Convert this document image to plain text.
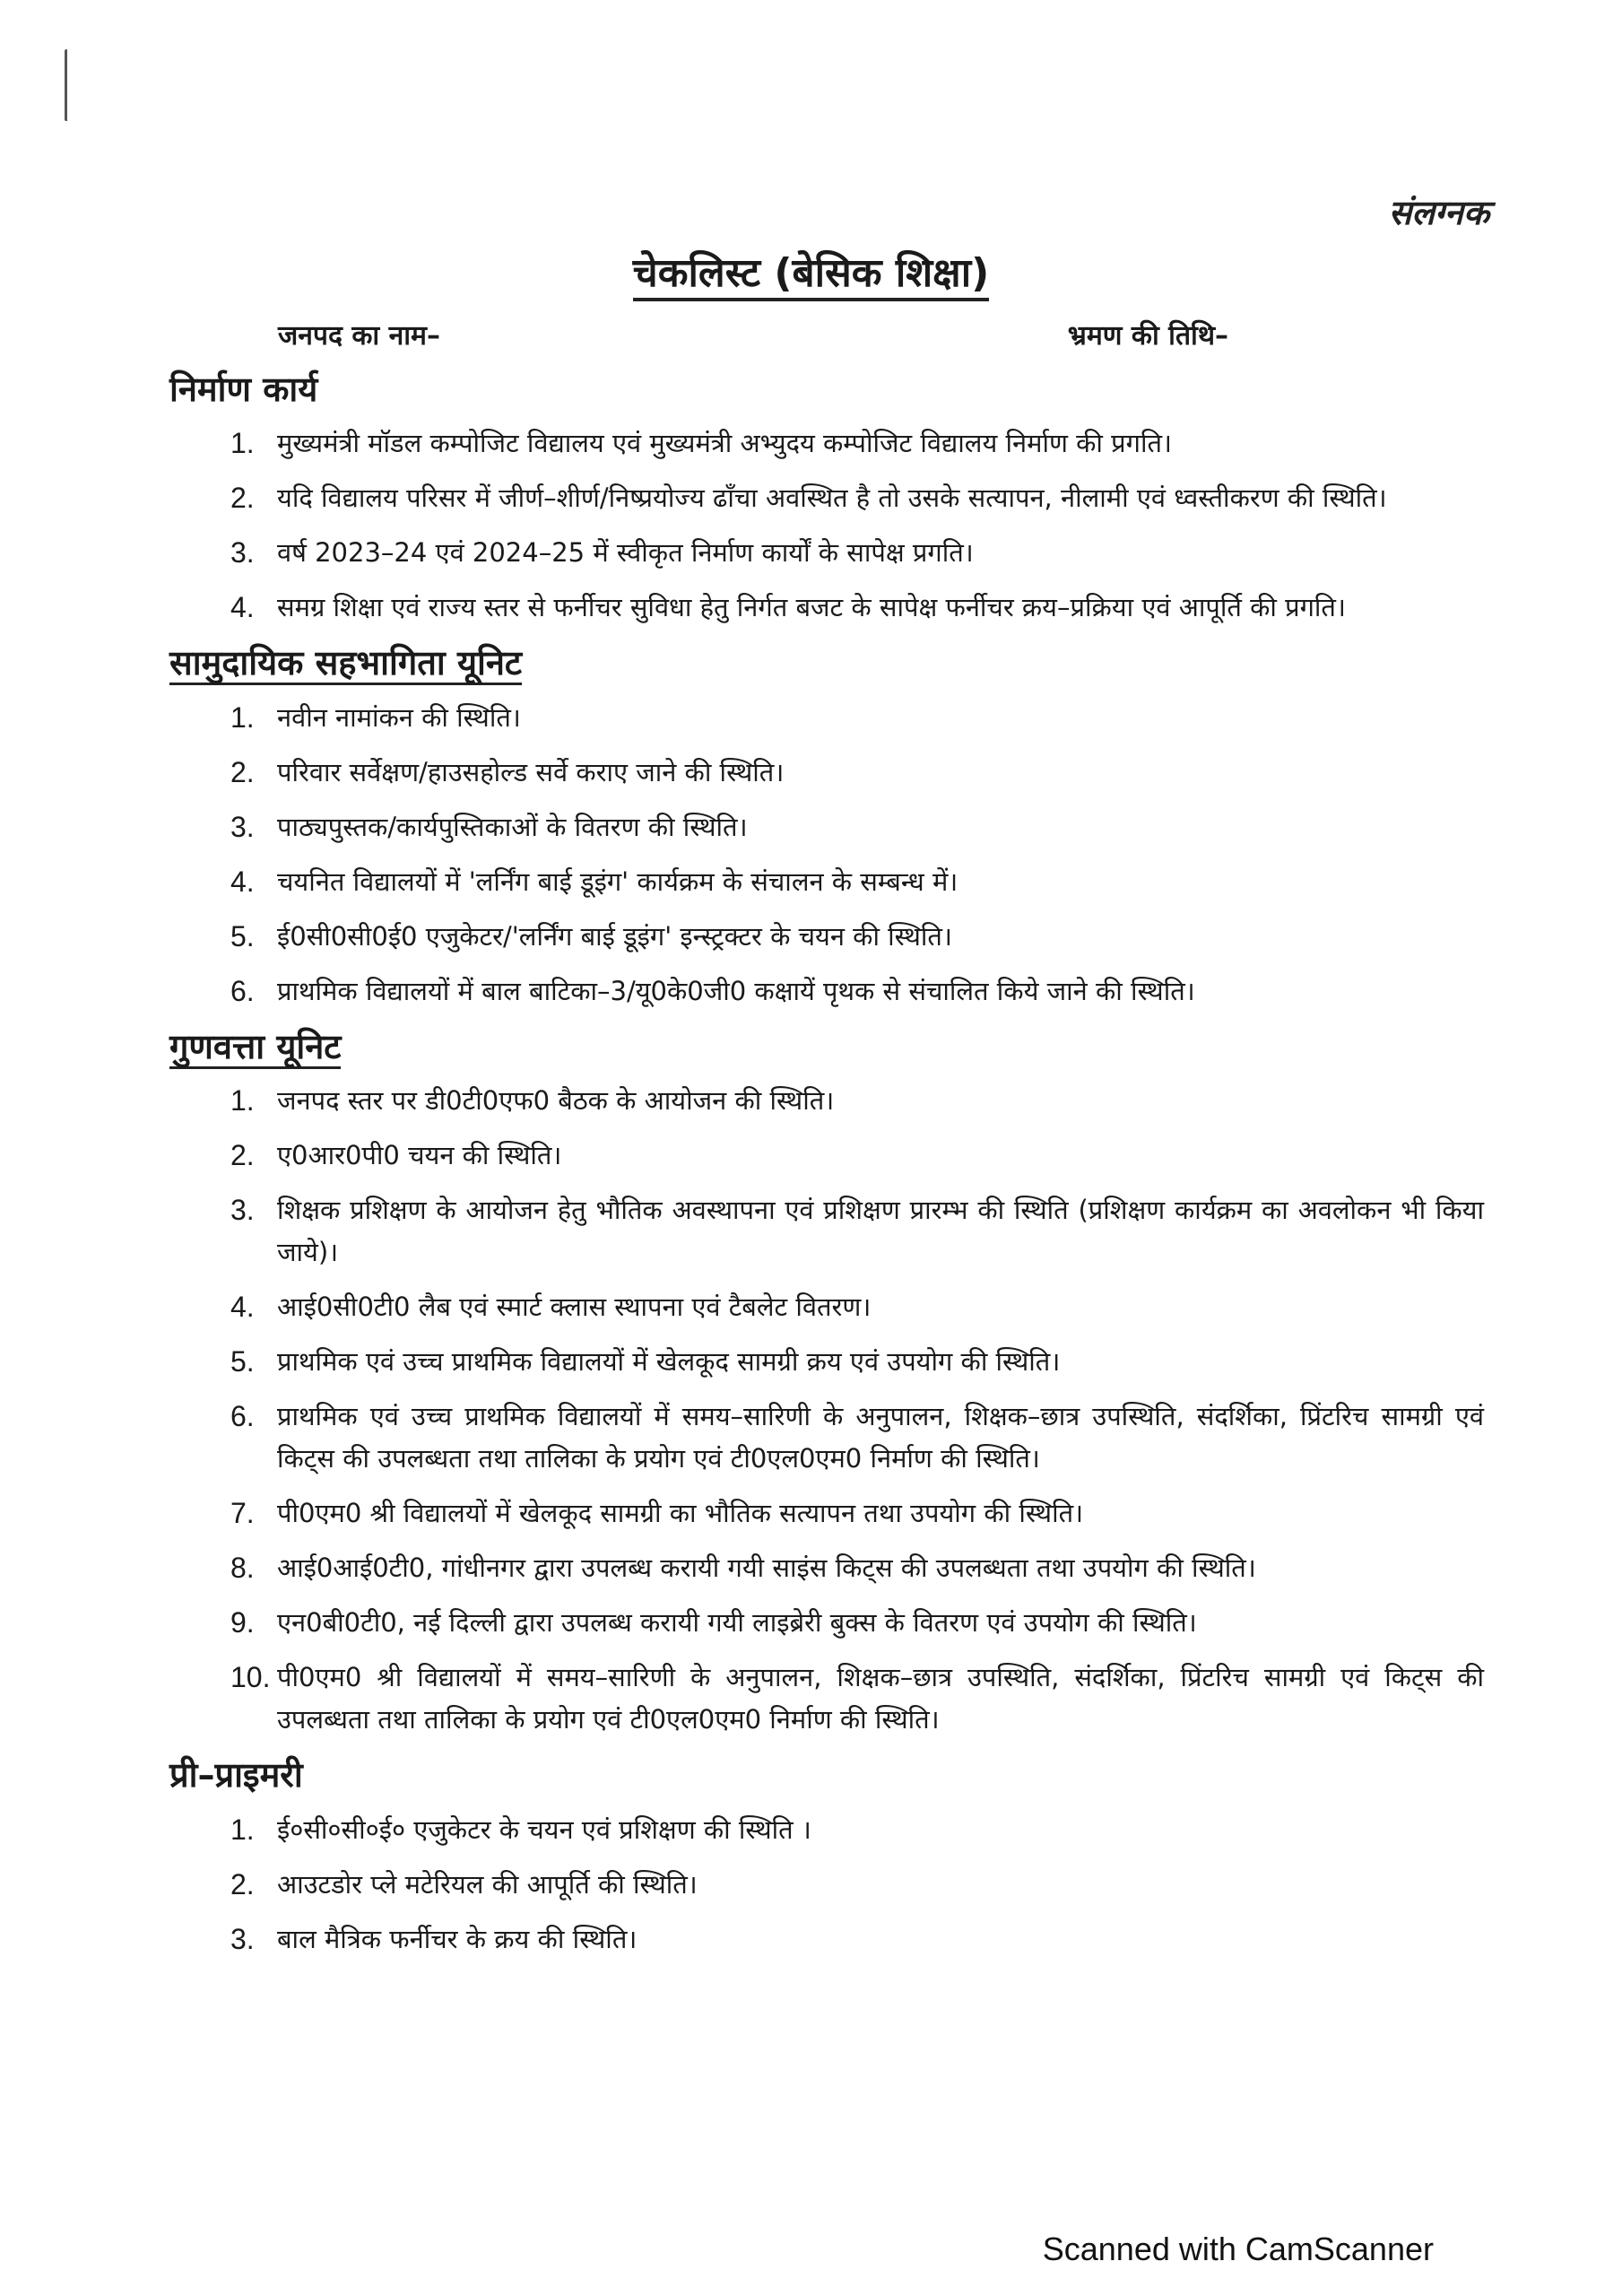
संलग्नक
चेकलिस्ट (बेसिक शिक्षा)
जनपद का नाम–	भ्रमण की तिथि–
निर्माण कार्य
1. मुख्यमंत्री मॉडल कम्पोजिट विद्यालय एवं मुख्यमंत्री अभ्युदय कम्पोजिट विद्यालय निर्माण की प्रगति।
2. यदि विद्यालय परिसर में जीर्ण–शीर्ण/निष्प्रयोज्य ढाँचा अवस्थित है तो उसके सत्यापन, नीलामी एवं ध्वस्तीकरण की स्थिति।
3. वर्ष 2023–24 एवं 2024–25 में स्वीकृत निर्माण कार्यों के सापेक्ष प्रगति।
4. समग्र शिक्षा एवं राज्य स्तर से फर्नीचर सुविधा हेतु निर्गत बजट के सापेक्ष फर्नीचर क्रय–प्रक्रिया एवं आपूर्ति की प्रगति।
सामुदायिक सहभागिता यूनिट
1. नवीन नामांकन की स्थिति।
2. परिवार सर्वेक्षण/हाउसहोल्ड सर्वे कराए जाने की स्थिति।
3. पाठ्यपुस्तक/कार्यपुस्तिकाओं के वितरण की स्थिति।
4. चयनित विद्यालयों में 'लर्निंग बाई डूइंग' कार्यक्रम के संचालन के सम्बन्ध में।
5. ई0सी0सी0ई0 एजुकेटर/'लर्निंग बाई डूइंग' इन्स्ट्रक्टर के चयन की स्थिति।
6. प्राथमिक विद्यालयों में बाल बाटिका–3/यू0के0जी0 कक्षायें पृथक से संचालित किये जाने की स्थिति।
गुणवत्ता यूनिट
1. जनपद स्तर पर डी0टी0एफ0 बैठक के आयोजन की स्थिति।
2. ए0आर0पी0 चयन की स्थिति।
3. शिक्षक प्रशिक्षण के आयोजन हेतु भौतिक अवस्थापना एवं प्रशिक्षण प्रारम्भ की स्थिति (प्रशिक्षण कार्यक्रम का अवलोकन भी किया जाये)।
4. आई0सी0टी0 लैब एवं स्मार्ट क्लास स्थापना एवं टैबलेट वितरण।
5. प्राथमिक एवं उच्च प्राथमिक विद्यालयों में खेलकूद सामग्री क्रय एवं उपयोग की स्थिति।
6. प्राथमिक एवं उच्च प्राथमिक विद्यालयों में समय–सारिणी के अनुपालन, शिक्षक–छात्र उपस्थिति, संदर्शिका, प्रिंटरिच सामग्री एवं किट्स की उपलब्धता तथा तालिका के प्रयोग एवं टी0एल0एम0 निर्माण की स्थिति।
7. पी0एम0 श्री विद्यालयों में खेलकूद सामग्री का भौतिक सत्यापन तथा उपयोग की स्थिति।
8. आई0आई0टी0, गांधीनगर द्वारा उपलब्ध करायी गयी साइंस किट्स की उपलब्धता तथा उपयोग की स्थिति।
9. एन0बी0टी0, नई दिल्ली द्वारा उपलब्ध करायी गयी लाइब्रेरी बुक्स के वितरण एवं उपयोग की स्थिति।
10. पी0एम0 श्री विद्यालयों में समय–सारिणी के अनुपालन, शिक्षक–छात्र उपस्थिति, संदर्शिका, प्रिंटरिच सामग्री एवं किट्स की उपलब्धता तथा तालिका के प्रयोग एवं टी0एल0एम0 निर्माण की स्थिति।
प्री–प्राइमरी
1. ई०सी०सी०ई० एजुकेटर के चयन एवं प्रशिक्षण की स्थिति ।
2. आउटडोर प्ले मटेरियल की आपूर्ति की स्थिति।
3. बाल मैत्रिक फर्नीचर के क्रय की स्थिति।
Scanned with CamScanner
